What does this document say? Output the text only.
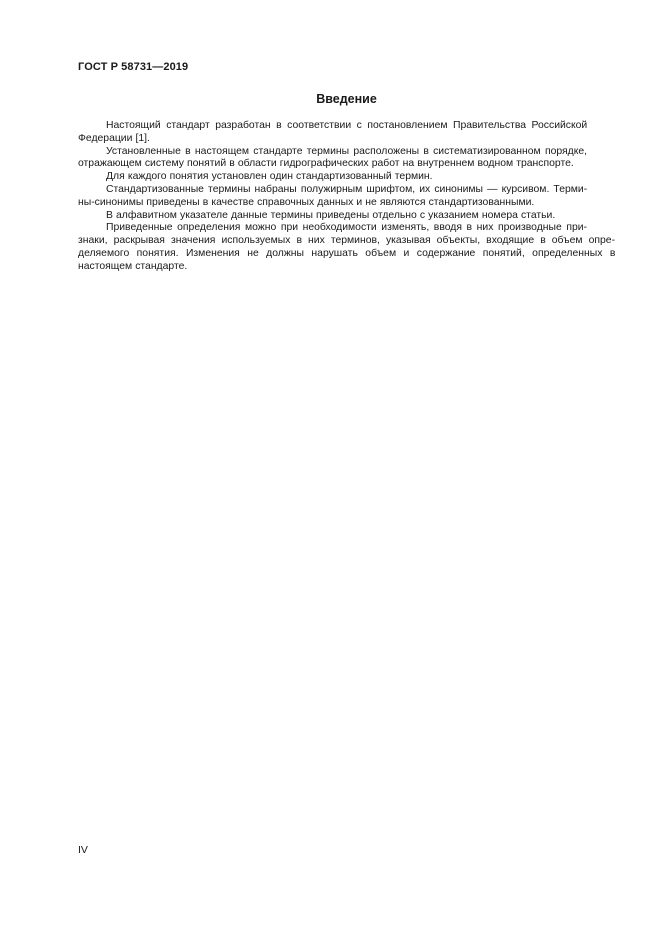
ГОСТ Р 58731—2019
Введение

Настоящий стандарт разработан в соответствии с постановлением Правительства Российской
Федерации [1].

Установленные в настоящем стандарте термины расположены в систематизированном порядке,
отражающем систему понятий в области гидрографических работ на внутреннем водном транспорте.

Для каждого понятия установлен один стандартизованный термин.

Стандартизованные термины набраны полужирным шрифтом, их синонимы — курсивом. Терми-
ны-синонимы приведены в качестве справочных данных и не являются стандартизованными.

В алфавитном указателе данные термины приведены отдельно с указанием номера статьи.

Приведенные определения можно при необходимости изменять, вводя в них производные при-
знаки, раскрывая значения используемых в них терминов, указывая объекты, входящие в объем опре-
деляемого понятия. Изменения не должны нарушать объем и содержание понятий, определенных в
настоящем стандарте.

IV
